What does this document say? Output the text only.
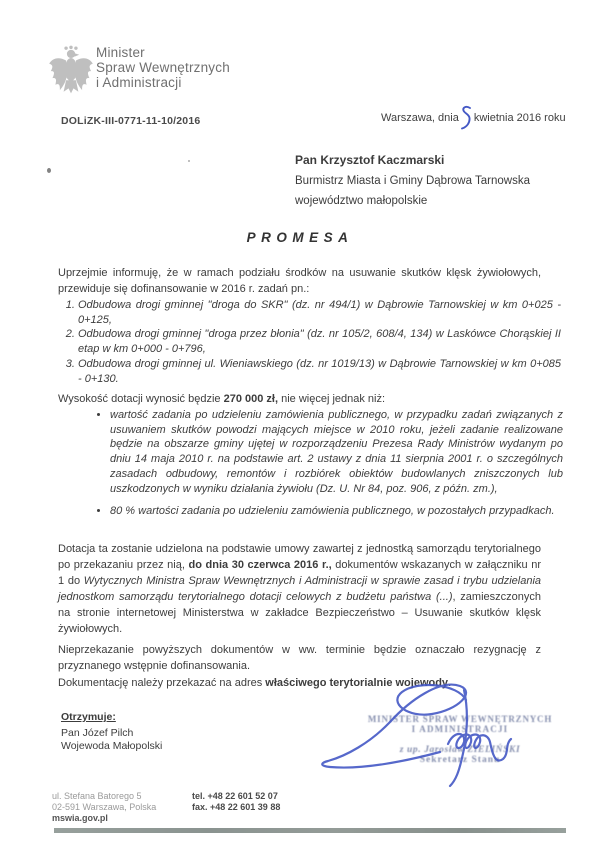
Minister
Spraw Wewnętrznych
i Administracji
DOLiZK-III-0771-11-10/2016	Warszawa, dnia kwietnia 2016 roku
Pan Krzysztof Kaczmarski
Burmistrz Miasta i Gminy Dąbrowa Tarnowska
województwo małopolskie
PROMESA

Uprzejmie informuję, że w ramach podziału środków na usuwanie skutków klęsk żywiołowych, przewiduje się dofinansowanie w 2016 r. zadań pn.:

1. Odbudowa drogi gminnej "droga do SKR" (dz. nr 494/1) w Dąbrowie Tarnowskiej w km 0+025 - 0+125,
2. Odbudowa drogi gminnej "droga przez błonia" (dz. nr 105/2, 608/4, 134) w Laskówce Chorąskiej II etap w km 0+000 - 0+796,
3. Odbudowa drogi gminnej ul. Wieniawskiego (dz. nr 1019/13) w Dąbrowie Tarnowskiej w km 0+085 - 0+130.

Wysokość dotacji wynosić będzie 270 000 zł, nie więcej jednak niż:

• wartość zadania po udzieleniu zamówienia publicznego, w przypadku zadań związanych z usuwaniem skutków powodzi mających miejsce w 2010 roku, jeżeli zadanie realizowane będzie na obszarze gminy ujętej w rozporządzeniu Prezesa Rady Ministrów wydanym po dniu 14 maja 2010 r. na podstawie art. 2 ustawy z dnia 11 sierpnia 2001 r. o szczególnych zasadach odbudowy, remontów i rozbiórek obiektów budowlanych zniszczonych lub uszkodzonych w wyniku działania żywiołu (Dz. U. Nr 84, poz. 906, z późn. zm.),
• 80 % wartości zadania po udzieleniu zamówienia publicznego, w pozostałych przypadkach.

Dotacja ta zostanie udzielona na podstawie umowy zawartej z jednostką samorządu terytorialnego po przekazaniu przez nią, do dnia 30 czerwca 2016 r., dokumentów wskazanych w załączniku nr 1 do Wytycznych Ministra Spraw Wewnętrznych i Administracji w sprawie zasad i trybu udzielania jednostkom samorządu terytorialnego dotacji celowych z budżetu państwa (...), zamieszczonych na stronie internetowej Ministerstwa w zakładce Bezpieczeństwo – Usuwanie skutków klęsk żywiołowych.

Nieprzekazanie powyższych dokumentów w ww. terminie będzie oznaczało rezygnację z przyznanego wstępnie dofinansowania.

Dokumentację należy przekazać na adres właściwego terytorialnie wojewody.

Otrzymuje:
Pan Józef Pilch
Wojewoda Małopolski
MINISTER SPRAW WEWNĘTRZNYCH
I ADMINISTRACJI
z up. Jarosław ZIELIŃSKI
Sekretarz Stanu
ul. Stefana Batorego 5
02-591 Warszawa, Polska
mswia.gov.pl
tel. +48 22 601 52 07
fax. +48 22 601 39 88
